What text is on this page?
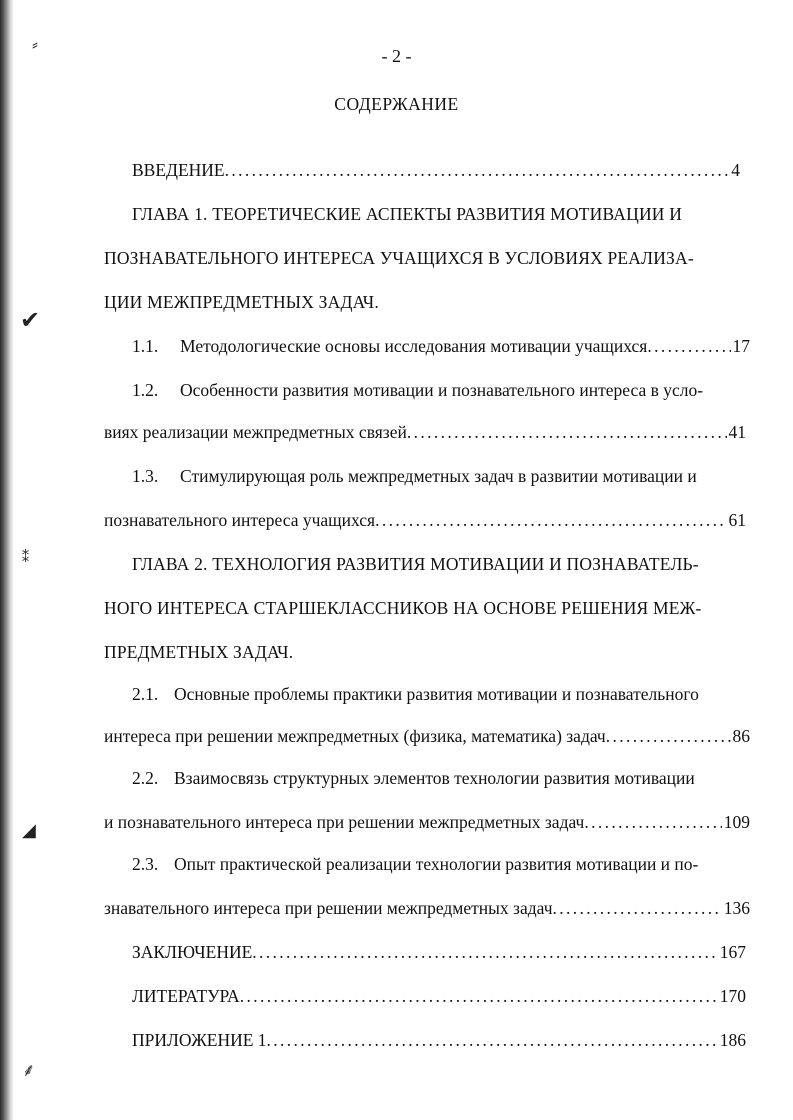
⸗
✔
⁑
◢
⸙
- 2 -
СОДЕРЖАНИЕ
ВВЕДЕНИЕ . . .	4
ГЛАВА 1. ТЕОРЕТИЧЕСКИЕ АСПЕКТЫ РАЗВИТИЯ МОТИВАЦИИ И
ПОЗНАВАТЕЛЬНОГО ИНТЕРЕСА УЧАЩИХСЯ В УСЛОВИЯХ РЕАЛИЗА-
ЦИИ МЕЖПРЕДМЕТНЫХ ЗАДАЧ.
1.1. Методологические основы исследования мотивации учащихся . . .	17
1.2. Особенности развития мотивации и познавательного интереса в усло-
виях реализации межпредметных связей . . .	41
1.3. Стимулирующая роль межпредметных задач в развитии мотивации и
познавательного интереса учащихся . . .	61
ГЛАВА 2. ТЕХНОЛОГИЯ РАЗВИТИЯ МОТИВАЦИИ И ПОЗНАВАТЕЛЬ-
НОГО ИНТЕРЕСА СТАРШЕКЛАССНИКОВ НА ОСНОВЕ РЕШЕНИЯ МЕЖ-
ПРЕДМЕТНЫХ ЗАДАЧ.
2.1. Основные проблемы практики развития мотивации и познавательного
интереса при решении межпредметных (физика, математика) задач . . .	86
2.2. Взаимосвязь структурных элементов технологии развития мотивации
и познавательного интереса при решении межпредметных задач . . .	109
2.3. Опыт практической реализации технологии развития мотивации и по-
знавательного интереса при решении межпредметных задач . . .	136
ЗАКЛЮЧЕНИЕ . . .	167
ЛИТЕРАТУРА . . .	170
ПРИЛОЖЕНИЕ 1 . . .	186
